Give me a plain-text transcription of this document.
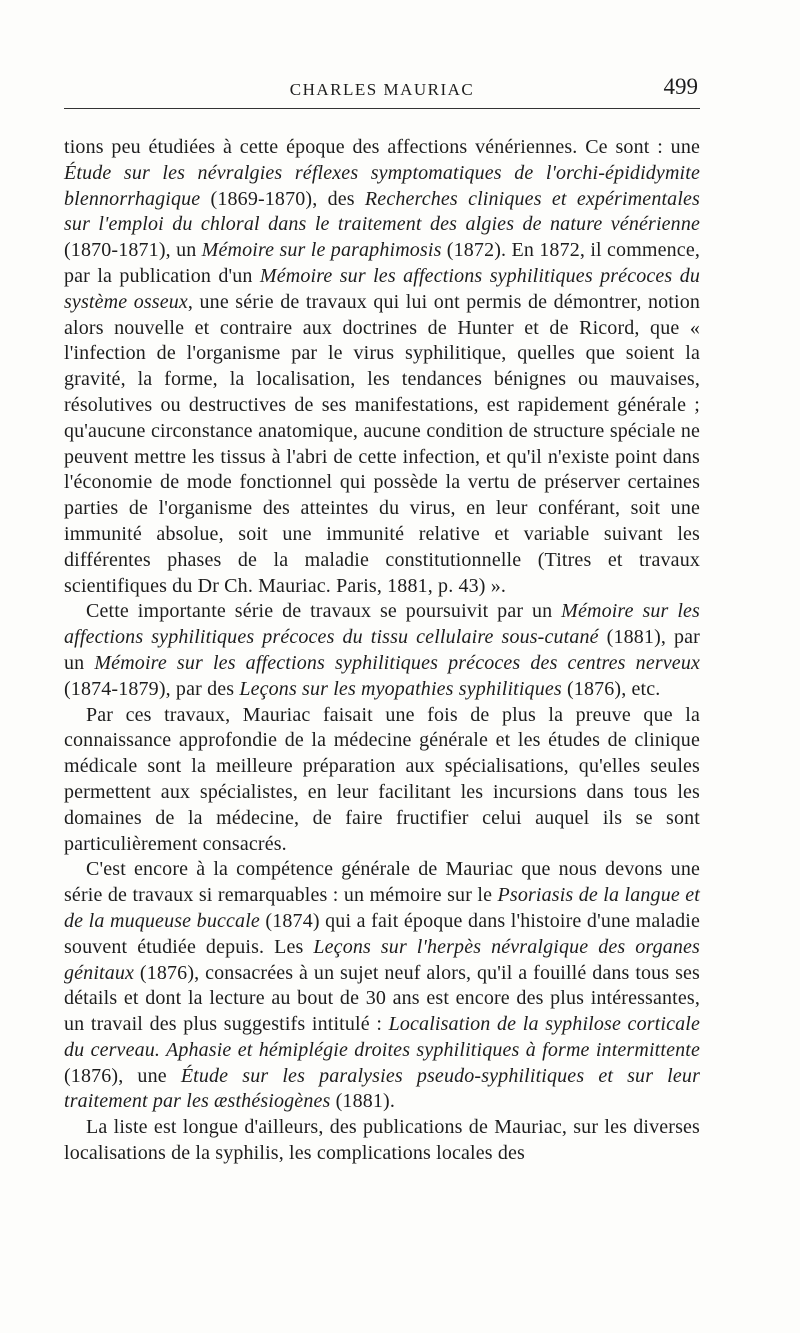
CHARLES MAURIAC	499

tions peu étudiées à cette époque des affections vénériennes. Ce sont : une Étude sur les névralgies réflexes symptomatiques de l'orchi-épididymite blennorrhagique (1869-1870), des Recherches cliniques et expérimentales sur l'emploi du chloral dans le traitement des algies de nature vénérienne (1870-1871), un Mémoire sur le paraphimosis (1872). En 1872, il commence, par la publication d'un Mémoire sur les affections syphilitiques précoces du système osseux, une série de travaux qui lui ont permis de démontrer, notion alors nouvelle et contraire aux doctrines de Hunter et de Ricord, que « l'infection de l'organisme par le virus syphilitique, quelles que soient la gravité, la forme, la localisation, les tendances bénignes ou mauvaises, résolutives ou destructives de ses manifestations, est rapidement générale ; qu'aucune circonstance anatomique, aucune condition de structure spéciale ne peuvent mettre les tissus à l'abri de cette infection, et qu'il n'existe point dans l'économie de mode fonctionnel qui possède la vertu de préserver certaines parties de l'organisme des atteintes du virus, en leur conférant, soit une immunité absolue, soit une immunité relative et variable suivant les différentes phases de la maladie constitutionnelle (Titres et travaux scientifiques du Dr Ch. Mauriac. Paris, 1881, p. 43) ».

Cette importante série de travaux se poursuivit par un Mémoire sur les affections syphilitiques précoces du tissu cellulaire sous-cutané (1881), par un Mémoire sur les affections syphilitiques précoces des centres nerveux (1874-1879), par des Leçons sur les myopathies syphilitiques (1876), etc.

Par ces travaux, Mauriac faisait une fois de plus la preuve que la connaissance approfondie de la médecine générale et les études de clinique médicale sont la meilleure préparation aux spécialisations, qu'elles seules permettent aux spécialistes, en leur facilitant les incursions dans tous les domaines de la médecine, de faire fructifier celui auquel ils se sont particulièrement consacrés.

C'est encore à la compétence générale de Mauriac que nous devons une série de travaux si remarquables : un mémoire sur le Psoriasis de la langue et de la muqueuse buccale (1874) qui a fait époque dans l'histoire d'une maladie souvent étudiée depuis. Les Leçons sur l'herpès névralgique des organes génitaux (1876), consacrées à un sujet neuf alors, qu'il a fouillé dans tous ses détails et dont la lecture au bout de 30 ans est encore des plus intéressantes, un travail des plus suggestifs intitulé : Localisation de la syphilose corticale du cerveau. Aphasie et hémiplégie droites syphilitiques à forme intermittente (1876), une Étude sur les paralysies pseudo-syphilitiques et sur leur traitement par les æsthésiogènes (1881).

La liste est longue d'ailleurs, des publications de Mauriac, sur les diverses localisations de la syphilis, les complications locales des
